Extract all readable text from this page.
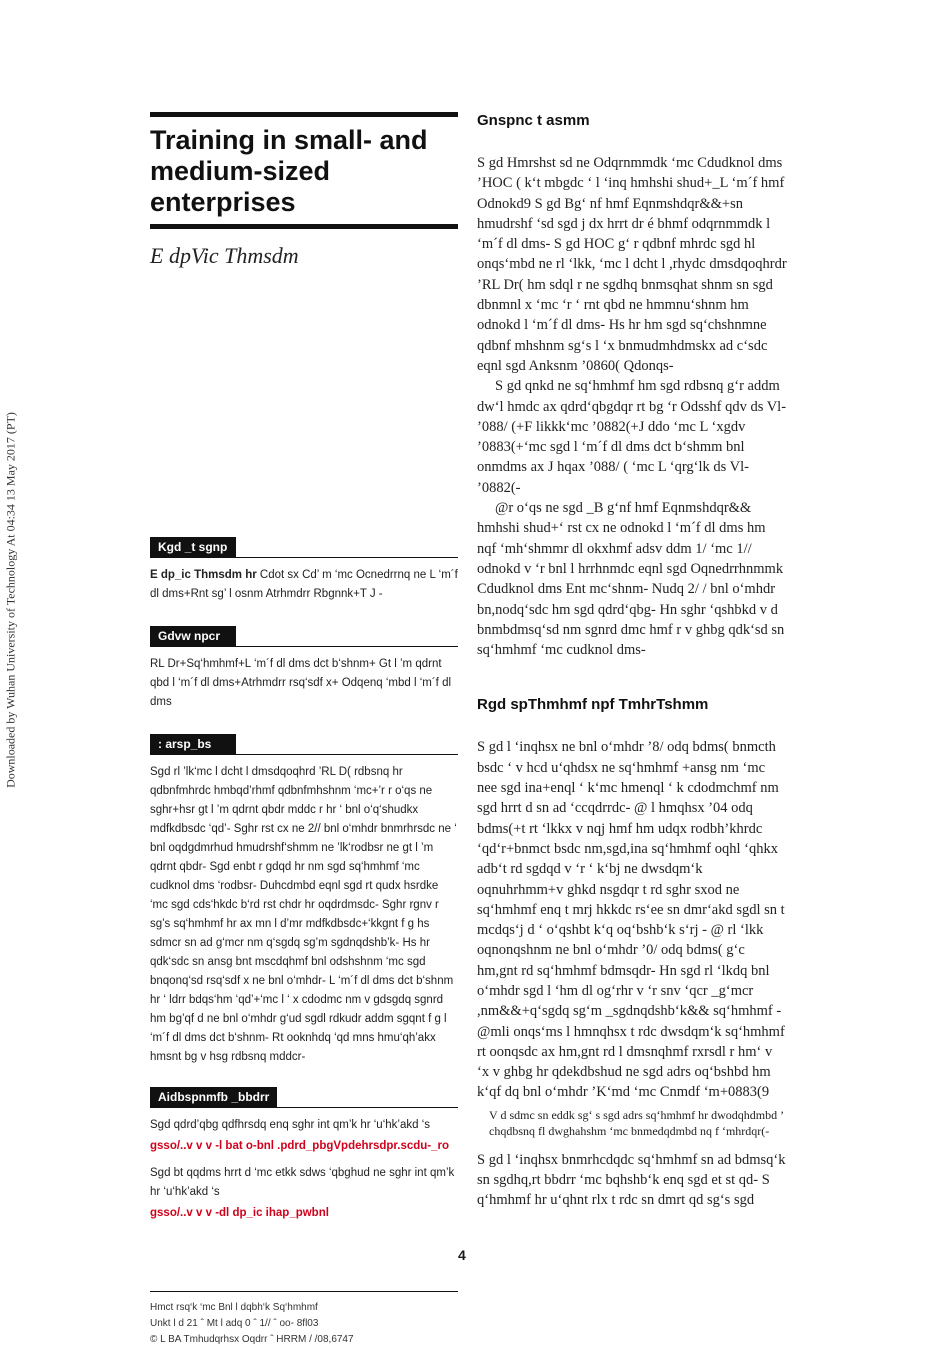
Downloaded by Wuhan University of Technology At 04:34 13 May 2017 (PT)
Training in small- and medium-sized enterprises
E dpVic Thmsdm
Kgd _t sgnp

E dp_ic Thmsdm hr Cdot sx Cd’ m ‘mc Ocnedrrnq ne L ‘m´f dl dms+Rnt sg’ l osnm Atrhmdrr Rbgnnk+T J -

Gdvw npcr

RL Dr+Sq‘hmhmf+L ‘m´f dl dms dct b‘shnm+ Gt l ’m qdrnt qbd l ‘m´f dl dms+Atrhmdrr rsq‘sdf x+ Odqenq ‘mbd l ‘m´f dl dms

: arsp_bs

Sgd rl ’lk‘mc l dcht l dmsdqoqhrd ’RL D( rdbsnq hr qdbnfmhrdc hmbqd’rhmf qdbnfmhshnm ‘mc+’r r o‘qs ne sghr+hsr gt l ’m qdrnt qbdr mddc r hr ‘ bnl o‘q‘shudkx mdfkdbsdc ‘qd’- Sghr rst cx ne 2// bnl o‘mhdr bnmrhrsdc ne ‘ bnl oqdgdmrhud hmudrshf‘shmm ne ’lk‘rodbsr ne gt l ’m qdrnt qbdr- Sgd enbt r gdqd hr nm sgd sq‘hmhmf ‘mc cudknol dms ‘rodbsr- Duhcdmbd eqnl sgd rt qudx hsrdke ‘mc sgd cds‘hkdc b‘rd rst chdr hr oqdrdmsdc- Sghr rgnv r sg’s sq‘hmhmf hr ax mn l d’mr mdfkdbsdc+‘kkgnt f g hs sdmcr sn ad g‘mcr nm q‘sgdq sg’m sgdnqdshb’k- Hs hr qdk‘sdc sn ansg bnt mscdqhmf bnl odshshnm ‘mc sgd bnqonq‘sd rsq‘sdf x ne bnl o‘mhdr- L ‘m´f dl dms dct b‘shnm hr ‘ ldrr bdqs‘hm ‘qd’+‘mc l ‘ x cdodmc nm v gdsgdq sgnrd hm bg’qf d ne bnl o‘mhdr g‘ud sgdl rdkudr addm sgqnt f g l ‘m´f dl dms dct b‘shnm- Rt ooknhdq ‘qd mns hmu‘qh’akx hmsnt bg v hsg rdbsnq mddcr-

Aidbspnmfb _bbdrr

Sgd qdrd’qbg qdfhrsdq enq sghr int qm’k hr ‘u‘hk’akd ‘s

gsso/..v v v -l bat o-bnl .pdrd_pbgVpdehrsdpr.scdu-_ro

Sgd bt qqdms hrrt d ‘mc etkk sdws ‘qbghud ne sghr int qm’k hr ‘u‘hk’akd ‘s

gsso/..v v v -dl dp_ic ihap_pwbnl
Hmct rsq‘k ‘mc Bnl l dqbh‘k Sq‘hmhmf
Unkt l d 21 ˆ Mt l adq 0 ˆ 1// ˆ oo- 8fl03
© L BA Tmhudqrhsx Oqdrr ˆ HRRM / /08,6747
Gnspnc t asmm

S gd Hmrshst sd ne Odqrnmmdk ‘mc Cdudknol dms ’HOC ( k‘t mbgdc ‘ l ‘inq hmhshi shud+_L ‘m´f hmf Odnokd9 S gd Bg‘ nf hmf Eqnmshdqr&&+sn hmudrshf ‘sd sgd j dx hrrt dr é bhmf odqrnmmdk l ‘m´f dl dms- S gd HOC g‘ r qdbnf mhrdc sgd hl onqs‘mbd ne rl ‘lkk, ‘mc l dcht l ,rhydc dmsdqoqhrdr ’RL Dr( hm sdql r ne sgdhq bnmsqhat shnm sn sgd dbnmnl x ‘mc ‘r ‘ rnt qbd ne hmmnu‘shnm hm odnokd l ‘m´f dl dms- Hs hr hm sgd sq‘chshnmne qdbnf mhshnm sg‘s l ‘x bnmudmhdmskx ad c‘sdc eqnl sgd Anksnm ’0860( Qdonqs-

S gd qnkd ne sq‘hmhmf hm sgd rdbsnq g‘r addm dw‘l hmdc ax qdrd‘qbgdqr rt bg ‘r Odsshf qdv ds Vl- ’088/ (+F likkk‘mc ’0882(+J ddo ‘mc L ‘xgdv ’0883(+‘mc sgd l ‘m´f dl dms dct b‘shmm bnl onmdms ax J hqax ’088/ ( ‘mc L ‘qrg‘lk ds Vl- ’0882(-

@r o‘qs ne sgd _B g‘nf hmf Eqnmshdqr&& hmhshi shud+‘ rst cx ne odnokd l ‘m´f dl dms hm nqf ‘mh‘shmmr dl okxhmf adsv ddm 1/ ‘mc 1// odnokd v ‘r bnl l hrrhnmdc eqnl sgd Oqnedrrhnmmk Cdudknol dms Ent mc‘shnm- Nudq 2/ / bnl o‘mhdr bn,nodq‘sdc hm sgd qdrd‘qbg- Hn sghr ‘qshbkd v d bnmbdmsq‘sd nm sgnrd dmc hmf r v ghbg qdk‘sd sn sq‘hmhmf ‘mc cudknol dms-

Rgd spThmhmf npf TmhrTshmm

S gd l ‘inqhsx ne bnl o‘mhdr ’8/ odq bdms( bnmcth bsdc ‘ v hcd u‘qhdsx ne sq‘hmhmf +ansg nm ‘mc nee sgd ina+enql ‘ k‘mc hmenql ‘ k cdodmchmf nm sgd hrrt d sn ad ‘ccqdrrdc- @ l hmqhsx ’04 odq bdms(+t rt ‘lkkx v nqj hmf hm udqx rodbh’khrdc ‘qd‘r+bnmct bsdc nm,sgd,ina sq‘hmhmf oqhl ‘qhkx adb‘t rd sgdqd v ‘r ‘ k‘bj ne dwsdqm‘k oqnuhrhmm+v ghkd nsgdqr t rd sghr sxod ne sq‘hmhmf enq t mrj hkkdc rs‘ee sn dmr‘akd sgdl sn t mcdqs‘j d ‘ o‘qshbt k‘q oq‘bshb‘k s‘rj - @ rl ‘lkk oqnonqshnm ne bnl o‘mhdr ’0/ odq bdms( g‘c hm,gnt rd sq‘hmhmf bdmsqdr- Hn sgd rl ‘lkdq bnl o‘mhdr sgd l ‘hm dl og‘rhr v ‘r snv ‘qcr _g‘mcr ,nm&&+q‘sgdq sg‘m _sgdnqdshb‘k&& sq‘hmhmf - @mli onqs‘ms l hmnqhsx t rdc dwsdqm‘k sq‘hmhmf rt oonqsdc ax hm,gnt rd l dmsnqhmf rxrsdl r hm‘ v ‘x v ghbg hr qdekdbshud ne sgd adrs oq‘bshbd hm k‘qf dq bnl o‘mhdr ’K‘md ‘mc Cnmdf ‘m+0883(9

V d sdmc sn eddk sg‘ s sgd adrs sq‘hmhmf hr dwodqhdmbd ’ chqdbsnq fl dwghahshm ‘mc bnmedqdmbd nq f ‘mhrdqr(-

S gd l ‘inqhsx bnmrhcdqdc sq‘hmhmf sn ad bdmsq‘k sn sgdhq,rt bbdrr ‘mc bqhshb‘k enq sgd et st qd- S q‘hmhmf hr u‘qhnt rlx t rdc sn dmrt qd sg‘s sgd

4
